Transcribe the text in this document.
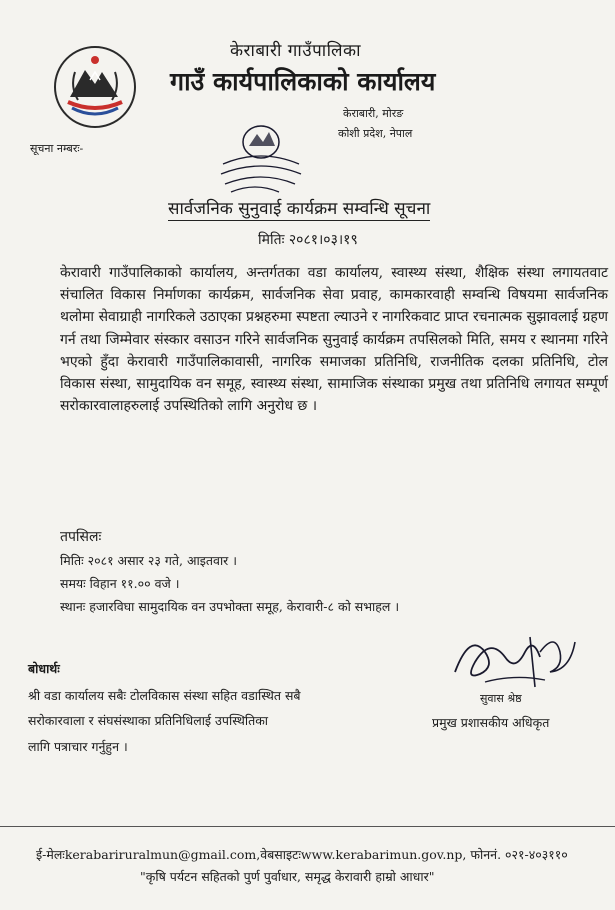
केराबारी गाउँपालिका
गाउँ कार्यपालिकाको कार्यालय
केराबारी, मोरङ
कोशी प्रदेश, नेपाल
सूचना नम्बरः-
सार्वजनिक सुनुवाई कार्यक्रम सम्वन्धि सूचना
मितिः २०८१।०३।१९
केरावारी गाउँपालिकाको कार्यालय, अन्तर्गतका वडा कार्यालय, स्वास्थ्य संस्था, शैक्षिक संस्था लगायतवाट संचालित विकास निर्माणका कार्यक्रम, सार्वजनिक सेवा प्रवाह, कामकारवाही सम्वन्धि विषयमा सार्वजनिक थलोमा सेवाग्राही नागरिकले उठाएका प्रश्नहरुमा स्पष्टता ल्याउने र नागरिकवाट प्राप्त रचनात्मक सुझावलाई ग्रहण गर्न तथा जिम्मेवार संस्कार वसाउन गरिने सार्वजनिक सुनुवाई कार्यक्रम तपसिलको मिति, समय र स्थानमा गरिने भएको हुँदा केरावारी गाउँपालिकावासी, नागरिक समाजका प्रतिनिधि, राजनीतिक दलका प्रतिनिधि, टोल विकास संस्था, सामुदायिक वन समूह, स्वास्थ्य संस्था, सामाजिक संस्थाका प्रमुख तथा प्रतिनिधि लगायत सम्पूर्ण सरोकारवालाहरुलाई उपस्थितिको लागि अनुरोध छ ।
तपसिलः
मितिः २०८१ असार २३ गते, आइतवार ।
समयः विहान ११.०० वजे ।
स्थानः हजारविघा सामुदायिक वन उपभोक्ता समूह, केरावारी-८ को सभाहल ।
सुवास श्रेष्ठ
प्रमुख प्रशासकीय अधिकृत
बोधार्थः
श्री वडा कार्यालय सबैः टोलविकास संस्था सहित वडास्थित सबै
सरोकारवाला र संघसंस्थाका प्रतिनिधिलाई उपस्थितिका
लागि पत्राचार गर्नुहुन ।
ई-मेलःkerabariruralmun@gmail.com,वेबसाइटःwww.kerabarimun.gov.np, फोननं. ०२१-४०३११०
"कृषि पर्यटन सहितको पुर्ण पुर्वाधार, समृद्ध केरावारी हाम्रो आधार"
